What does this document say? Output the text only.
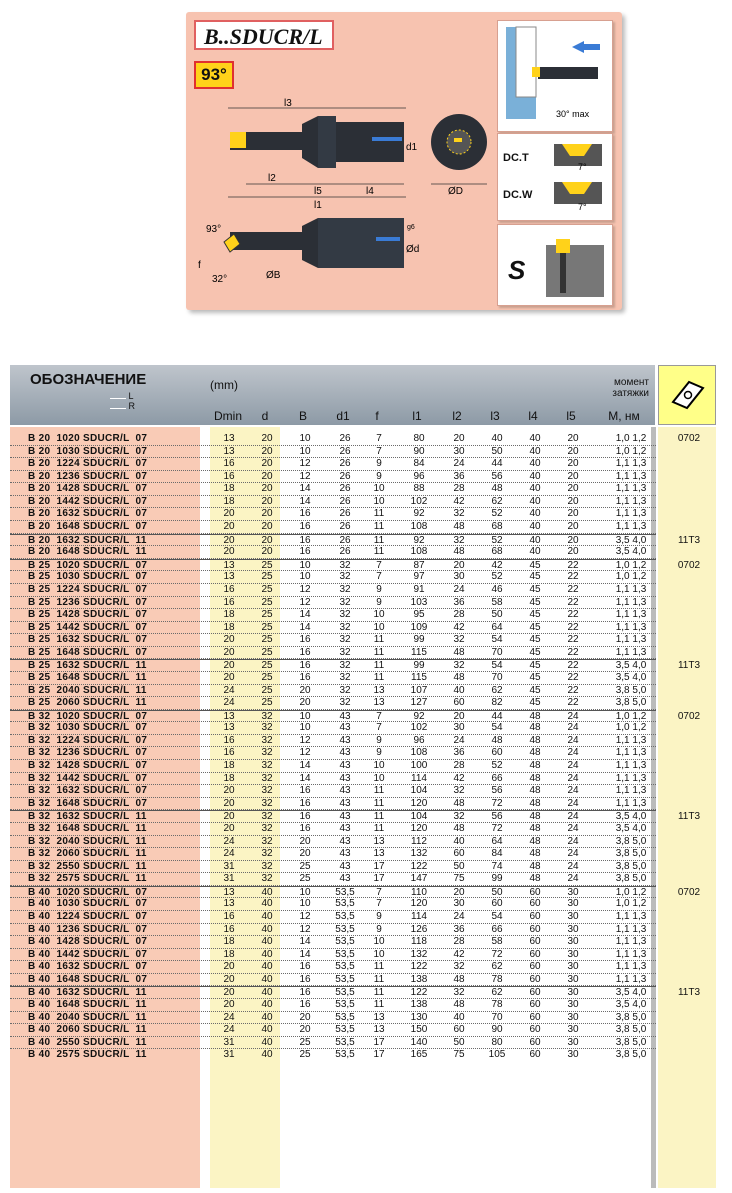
B..SDUCR/L
93°
l3
l2
l5	l4
l1
d1
ØD
93°
32°
f
ØB
Ød
g6
30° max
DC.T
DC.W
7°
7°
S
ОБОЗНАЧЕНИЕ
L
R
(mm)	момент
затяжки
Dmin	d	B	d1	f	l1	l2	l3	l4	l5	M, нм
B 20  1020 SDUCR/L  07	13	20	10	26	7	80	20	40	40	20	1,0 1,2	0702
B 20  1030 SDUCR/L  07	13	20	10	26	7	90	30	50	40	20	1,0 1,2
B 20  1224 SDUCR/L  07	16	20	12	26	9	84	24	44	40	20	1,1 1,3
B 20  1236 SDUCR/L  07	16	20	12	26	9	96	36	56	40	20	1,1 1,3
B 20  1428 SDUCR/L  07	18	20	14	26	10	88	28	48	40	20	1,1 1,3
B 20  1442 SDUCR/L  07	18	20	14	26	10	102	42	62	40	20	1,1 1,3
B 20  1632 SDUCR/L  07	20	20	16	26	11	92	32	52	40	20	1,1 1,3
B 20  1648 SDUCR/L  07	20	20	16	26	11	108	48	68	40	20	1,1 1,3
B 20  1632 SDUCR/L  11	20	20	16	26	11	92	32	52	40	20	3,5 4,0	11T3
B 20  1648 SDUCR/L  11	20	20	16	26	11	108	48	68	40	20	3,5 4,0
B 25  1020 SDUCR/L  07	13	25	10	32	7	87	20	42	45	22	1,0 1,2	0702
B 25  1030 SDUCR/L  07	13	25	10	32	7	97	30	52	45	22	1,0 1,2
B 25  1224 SDUCR/L  07	16	25	12	32	9	91	24	46	45	22	1,1 1,3
B 25  1236 SDUCR/L  07	16	25	12	32	9	103	36	58	45	22	1,1 1,3
B 25  1428 SDUCR/L  07	18	25	14	32	10	95	28	50	45	22	1,1 1,3
B 25  1442 SDUCR/L  07	18	25	14	32	10	109	42	64	45	22	1,1 1,3
B 25  1632 SDUCR/L  07	20	25	16	32	11	99	32	54	45	22	1,1 1,3
B 25  1648 SDUCR/L  07	20	25	16	32	11	115	48	70	45	22	1,1 1,3
B 25  1632 SDUCR/L  11	20	25	16	32	11	99	32	54	45	22	3,5 4,0	11T3
B 25  1648 SDUCR/L  11	20	25	16	32	11	115	48	70	45	22	3,5 4,0
B 25  2040 SDUCR/L  11	24	25	20	32	13	107	40	62	45	22	3,8 5,0
B 25  2060 SDUCR/L  11	24	25	20	32	13	127	60	82	45	22	3,8 5,0
B 32  1020 SDUCR/L  07	13	32	10	43	7	92	20	44	48	24	1,0 1,2	0702
B 32  1030 SDUCR/L  07	13	32	10	43	7	102	30	54	48	24	1,0 1,2
B 32  1224 SDUCR/L  07	16	32	12	43	9	96	24	48	48	24	1,1 1,3
B 32  1236 SDUCR/L  07	16	32	12	43	9	108	36	60	48	24	1,1 1,3
B 32  1428 SDUCR/L  07	18	32	14	43	10	100	28	52	48	24	1,1 1,3
B 32  1442 SDUCR/L  07	18	32	14	43	10	114	42	66	48	24	1,1 1,3
B 32  1632 SDUCR/L  07	20	32	16	43	11	104	32	56	48	24	1,1 1,3
B 32  1648 SDUCR/L  07	20	32	16	43	11	120	48	72	48	24	1,1 1,3
B 32  1632 SDUCR/L  11	20	32	16	43	11	104	32	56	48	24	3,5 4,0	11T3
B 32  1648 SDUCR/L  11	20	32	16	43	11	120	48	72	48	24	3,5 4,0
B 32  2040 SDUCR/L  11	24	32	20	43	13	112	40	64	48	24	3,8 5,0
B 32  2060 SDUCR/L  11	24	32	20	43	13	132	60	84	48	24	3,8 5,0
B 32  2550 SDUCR/L  11	31	32	25	43	17	122	50	74	48	24	3,8 5,0
B 32  2575 SDUCR/L  11	31	32	25	43	17	147	75	99	48	24	3,8 5,0
B 40  1020 SDUCR/L  07	13	40	10	53,5	7	110	20	50	60	30	1,0 1,2	0702
B 40  1030 SDUCR/L  07	13	40	10	53,5	7	120	30	60	60	30	1,0 1,2
B 40  1224 SDUCR/L  07	16	40	12	53,5	9	114	24	54	60	30	1,1 1,3
B 40  1236 SDUCR/L  07	16	40	12	53,5	9	126	36	66	60	30	1,1 1,3
B 40  1428 SDUCR/L  07	18	40	14	53,5	10	118	28	58	60	30	1,1 1,3
B 40  1442 SDUCR/L  07	18	40	14	53,5	10	132	42	72	60	30	1,1 1,3
B 40  1632 SDUCR/L  07	20	40	16	53,5	11	122	32	62	60	30	1,1 1,3
B 40  1648 SDUCR/L  07	20	40	16	53,5	11	138	48	78	60	30	1,1 1,3
B 40  1632 SDUCR/L  11	20	40	16	53,5	11	122	32	62	60	30	3,5 4,0	11T3
B 40  1648 SDUCR/L  11	20	40	16	53,5	11	138	48	78	60	30	3,5 4,0
B 40  2040 SDUCR/L  11	24	40	20	53,5	13	130	40	70	60	30	3,8 5,0
B 40  2060 SDUCR/L  11	24	40	20	53,5	13	150	60	90	60	30	3,8 5,0
B 40  2550 SDUCR/L  11	31	40	25	53,5	17	140	50	80	60	30	3,8 5,0
B 40  2575 SDUCR/L  11	31	40	25	53,5	17	165	75	105	60	30	3,8 5,0
